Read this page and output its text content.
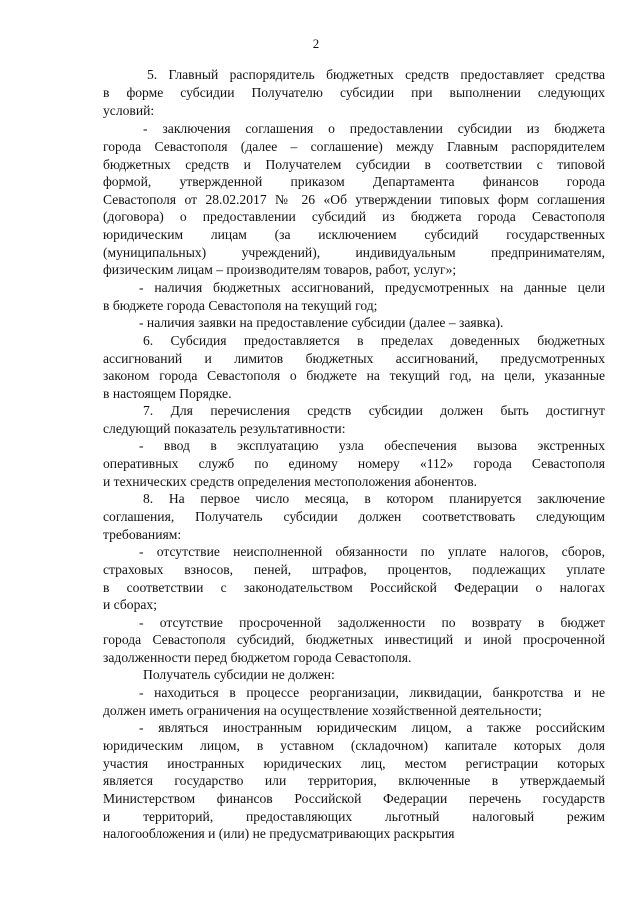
2
5. Главный распорядитель бюджетных средств предоставляет средства
в форме субсидии Получателю субсидии при выполнении следующих
условий:
- заключения соглашения о предоставлении субсидии из бюджета
города Севастополя (далее – соглашение) между Главным распорядителем
бюджетных средств и Получателем субсидии в соответствии с типовой
формой, утвержденной приказом Департамента финансов города
Севастополя от 28.02.2017 № 26 «Об утверждении типовых форм соглашения
(договора) о предоставлении субсидий из бюджета города Севастополя
юридическим лицам (за исключением субсидий государственных
(муниципальных) учреждений), индивидуальным предпринимателям,
физическим лицам – производителям товаров, работ, услуг»;
- наличия бюджетных ассигнований, предусмотренных на данные цели
в бюджете города Севастополя на текущий год;
- наличия заявки на предоставление субсидии (далее – заявка).
6. Субсидия предоставляется в пределах доведенных бюджетных
ассигнований и лимитов бюджетных ассигнований, предусмотренных
законом города Севастополя о бюджете на текущий год, на цели, указанные
в настоящем Порядке.
7. Для перечисления средств субсидии должен быть достигнут
следующий показатель результативности:
- ввод в эксплуатацию узла обеспечения вызова экстренных
оперативных служб по единому номеру «112» города Севастополя
и технических средств определения местоположения абонентов.
8. На первое число месяца, в котором планируется заключение
соглашения, Получатель субсидии должен соответствовать следующим
требованиям:
- отсутствие неисполненной обязанности по уплате налогов, сборов,
страховых взносов, пеней, штрафов, процентов, подлежащих уплате
в соответствии с законодательством Российской Федерации о налогах
и сборах;
- отсутствие просроченной задолженности по возврату в бюджет
города Севастополя субсидий, бюджетных инвестиций и иной просроченной
задолженности перед бюджетом города Севастополя.
Получатель субсидии не должен:
- находиться в процессе реорганизации, ликвидации, банкротства и не
должен иметь ограничения на осуществление хозяйственной деятельности;
- являться иностранным юридическим лицом, а также российским
юридическим лицом, в уставном (складочном) капитале которых доля
участия иностранных юридических лиц, местом регистрации которых
является государство или территория, включенные в утверждаемый
Министерством финансов Российской Федерации перечень государств
и территорий, предоставляющих льготный налоговый режим
налогообложения и (или) не предусматривающих раскрытия
